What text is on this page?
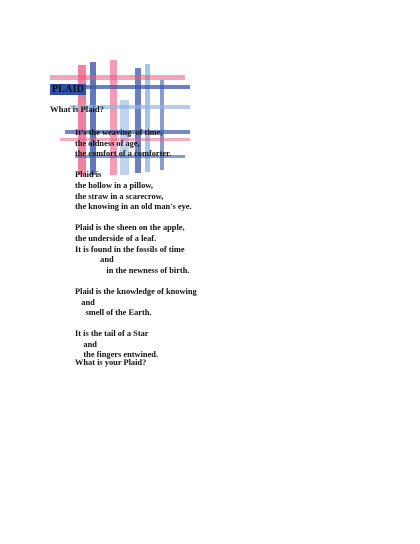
PLAID
What is Plaid?
It's the weaving  of time,
the oldness of age,
the comfort of a comforter.
Plaid is
the hollow in a pillow,
the straw in a scarecrow,
the knowing in an old man's eye.
Plaid is the sheen on the apple,
the underside of a leaf.
It is found in the fossils of time
and
in the newness of birth.
Plaid is the knowledge of knowing
and
smell of the Earth.
It is the tail of a Star
and
the fingers entwined.
What is your Plaid?
